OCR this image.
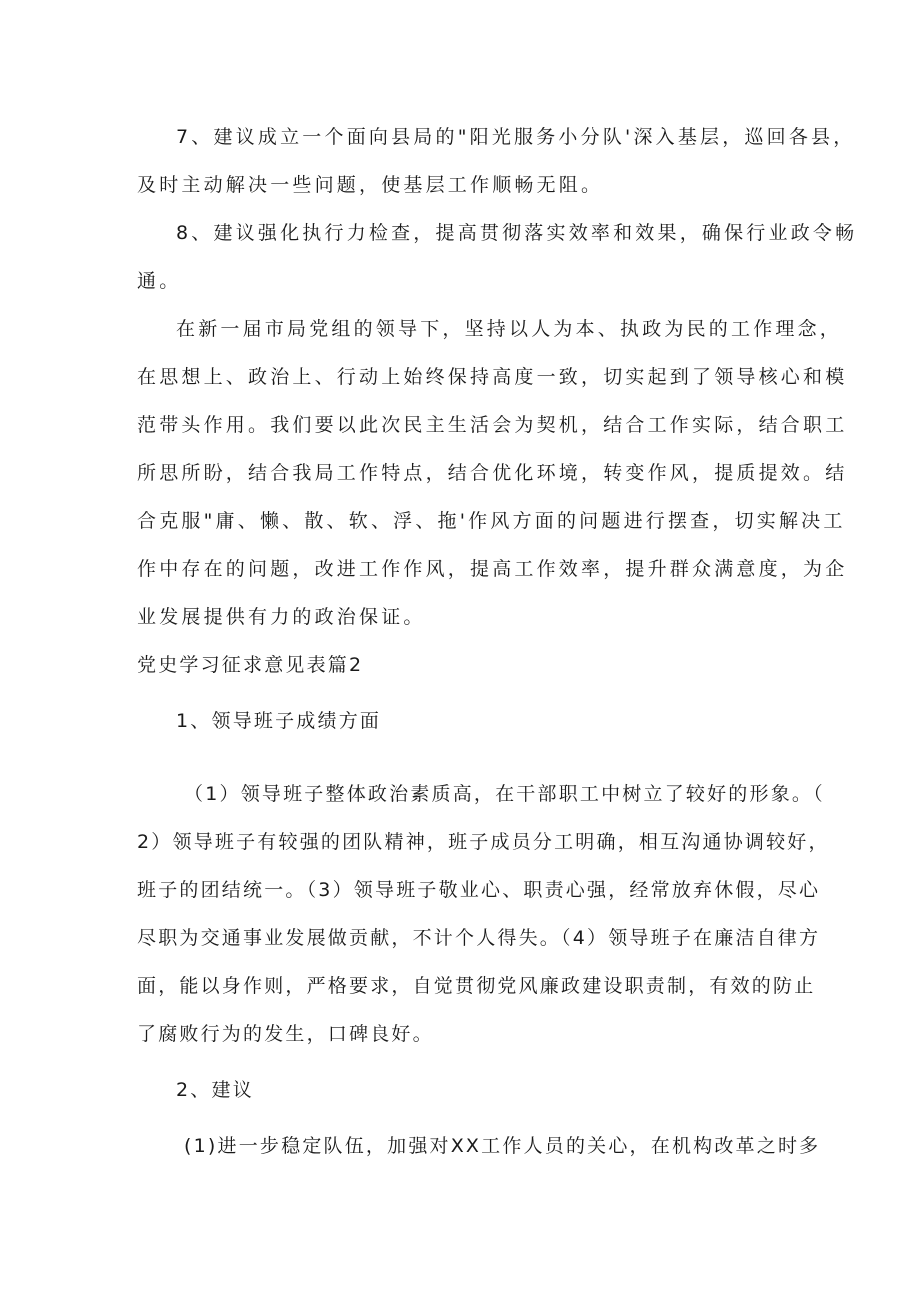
7、建议成立一个面向县局的"阳光服务小分队'深入基层，巡回各县，
及时主动解决一些问题，使基层工作顺畅无阻。
8、建议强化执行力检查，提高贯彻落实效率和效果，确保行业政令畅
通。
在新一届市局党组的领导下，坚持以人为本、执政为民的工作理念，
在思想上、政治上、行动上始终保持高度一致，切实起到了领导核心和模
范带头作用。我们要以此次民主生活会为契机，结合工作实际，结合职工
所思所盼，结合我局工作特点，结合优化环境，转变作风，提质提效。结
合克服"庸、懒、散、软、浮、拖'作风方面的问题进行摆查，切实解决工
作中存在的问题，改进工作作风，提高工作效率，提升群众满意度，为企
业发展提供有力的政治保证。
党史学习征求意见表篇2
1、领导班子成绩方面
（1）领导班子整体政治素质高，在干部职工中树立了较好的形象。（
2）领导班子有较强的团队精神，班子成员分工明确，相互沟通协调较好，
班子的团结统一。（3）领导班子敬业心、职责心强，经常放弃休假，尽心
尽职为交通事业发展做贡献，不计个人得失。（4）领导班子在廉洁自律方
面，能以身作则，严格要求，自觉贯彻党风廉政建设职责制，有效的防止
了腐败行为的发生，口碑良好。
2、建议
(1)进一步稳定队伍，加强对XX工作人员的关心，在机构改革之时多
